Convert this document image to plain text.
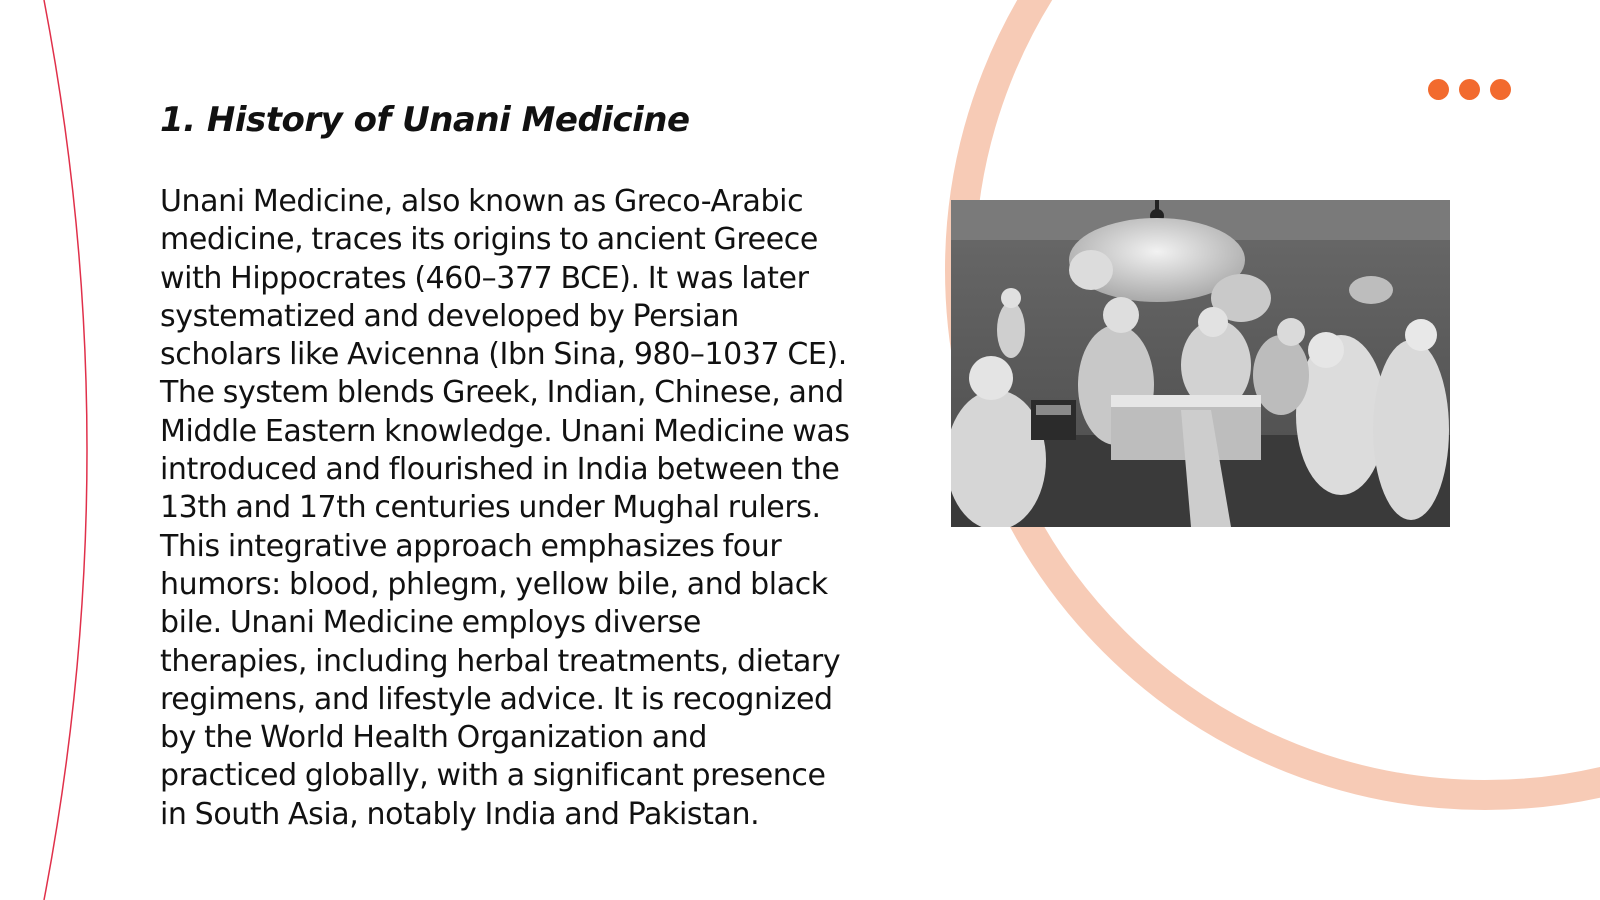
1. History of Unani Medicine

Unani Medicine, also known as Greco-Arabic medicine, traces its origins to ancient Greece with Hippocrates (460–377 BCE). It was later systematized and developed by Persian scholars like Avicenna (Ibn Sina, 980–1037 CE). The system blends Greek, Indian, Chinese, and Middle Eastern knowledge. Unani Medicine was introduced and flourished in India between the 13th and 17th centuries under Mughal rulers. This integrative approach emphasizes four humors: blood, phlegm, yellow bile, and black bile. Unani Medicine employs diverse therapies, including herbal treatments, dietary regimens, and lifestyle advice. It is recognized by the World Health Organization and practiced globally, with a significant presence in South Asia, notably India and Pakistan.
